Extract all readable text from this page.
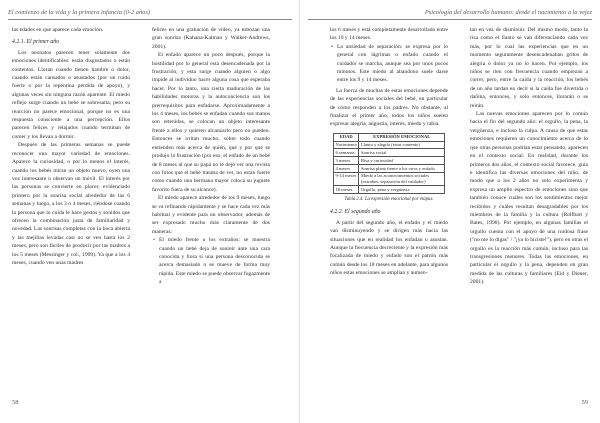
El comienzo de la vida y la primera infancia (0-2 años)

las edades en que aparece cada emoción.

4.2.1. El primer año

Los neonatos parecen tener solamente dos emociones identificables: están disgustados o están contentos. Lloran cuando tienen hambre o dolor, cuando están cansados o asustados (por un ruido fuerte o por la repentina pérdida de apoyo), y algunas veces sin ninguna razón aparente. El miedo reflejo surge cuando un bebé se sobresalta, pero su reacción no parece emocional, porque no es una respuesta consciente a una percepción. Ellos parecen felices y relajados cuando terminan de comer y los llevan a dormir.

Después de las primeras semanas se puede reconocer una mayor variedad de emociones. Aparece la curiosidad, o por lo menos el interés, cuando los bebés miran un objeto nuevo, oyen una voz interesante u observan un móvil. El interés por las personas se convierte en placer, evidenciado primero por la sonrisa social alrededor de las 6 semanas y luego, a los 3 o 4 meses, riéndose cuando la persona que lo cuida le hace gestos y sonidos que ofrecen la combinación justa de familiaridad y novedad. Las sonrisas completas con la boca abierta y las mejillas levadas casi no se ven hasta los 2 meses, pero son fáciles de producir por las madres a los 5 meses (Messinger y col., 1999). Ya que a los 4 meses, cuando ven unas madres

felices en una grabación de vídeo, ya esbozan una gran sonrisa (Kahana-Kalman y Walker-Andrews, 2001).

El enfado aparece un poco después, porque la hostilidad por lo general está desencadenada por la frustración, y esta surge cuando alguien o algo impide al individuo hacer alguna cosa que esperaba hacer. Por lo tanto, una cierta maduración de las habilidades motoras y la autoconciencia son los prerrequisitos para enfadarse. Aproximadamente a los 4 meses, los bebés se enfadan cuando sus manos son retenidas, se colocan un objeto interesante frente a ellos y quieren alcanzarlo pero no pueden. Entonces se irritan mucho, sobre todo cuando entienden más acerca de quién, qué y por qué se produjo la frustración (por eso, el enfado de un bebé de 8 meses al que su papá no le dejó ver una revista con fotos que el bebé trataba de ver, no estan fuerte como cuando una hermana mayor coloca su juguete favorito fuera de su alcance).

El miedo aparece alrededor de los 9 meses, luego se va refinando rápidamente y se hace cada vez más habitual y evidente para un observador, además de ser expresado mucho más claramente de dos maneras:

• El miedo frente a los extraños: se muestra cuando un bebé deja de sonreír ante una cara conocida y llora si una persona desconocida se acerca demasiado o se mueve de forma muy rápida. Este miedo se puede observar fugazmente a
58
Psicología del desarrollo humano: desde el nacimiento a la vejez

los 6 meses y está completamente desarrollado entre los 10 y 14 meses.

• La ansiedad de separación: se expresa por lo general con lágrimas o enfado cuando el cuidador se marcha, aunque sea por unos pocos minutos. Este miedo al abandono suele darse entre los 9 y 14 meses.

La fuerza de muchas de estas emociones depende de las experiencias sociales del bebé, en particular de cómo responden a los padres. No obstante, al finalizar el primer año, todos los niños suelen expresar alegría, angustia, interés, miedo y rabia.

EDAD	EXPRESIÓN EMOCIONAL
Nacimiento	Llanto y alegría (estar contento)
6 semanas	Sonrisa social
3 meses	Risa y curiosidad
4 meses	Sonrisa plena frente a los otros y enfado
9-14 meses	Miedo a las acontecimientos sociales (extraños, separación del cuidador)
18 meses	Orgullo, pena y vergüenza
Tabla 2.4. La expresión emocional por etapas.
4.2.2. El segundo año

A partir del segundo año, el enfado y el miedo van disminuyendo y se dirigen más hacia las situaciones que en realidad los enfadan o asustan. Aunque la frecuencia decreciente y la expresión más focalizada de miedo y enfado son el patrón más común desde los 18 meses en adelante, para algunos niños estas emociones se amplían y aumen-

tan en vez de disminuir. Del mismo modo, tanto la risa como el llanto se van diferenciando cada vez más, por lo cual las experiencias que en un momento seguramente desencadenaban gritos de alegría o dolor ya no lo hacen. Por ejemplo, los niños se ríen con frecuencia cuando empiezan a correr, pero, entre la caída y la reacción, los bebés de un año tardan en decir si la caída fue divertida o dañina, entonces, y solo entonces, llorarán o se reirán.

Las nuevas emociones aparecen por lo común hacia el fin del segundo año: el orgullo, la pena, la vergüenza, e incluso la culpa. A causa de que estas emociones requieren un conocimiento acerca de lo que otras personas podrían estar pensando, aparecen en el contexto social. En realidad, durante los primeros dos años, el contexto social favorece, guía e identifica las diversas emociones del niño, de modo que a los 2 años no solo experimenta y expresa un amplio espectro de emociones sino que también conoce cuáles son los sentimientos mejor recibidos y cuáles resultan desagradables por los miembros de la familia y la cultura (Rolfbart y Bates, 1998). Por ejemplo, en algunas familias el orgullo cuenta con el apoyo de una ruidosa frase ("no me lo digas" / "¡ya lo hiciste!"), pero en otras el orgullo es la reacción más común, incluso para las transgresiones menores. Todas las emociones, en particular el orgullo y la pena, dependen en gran medida de las culturas y familiares (Eid y Diener, 2001).

59
